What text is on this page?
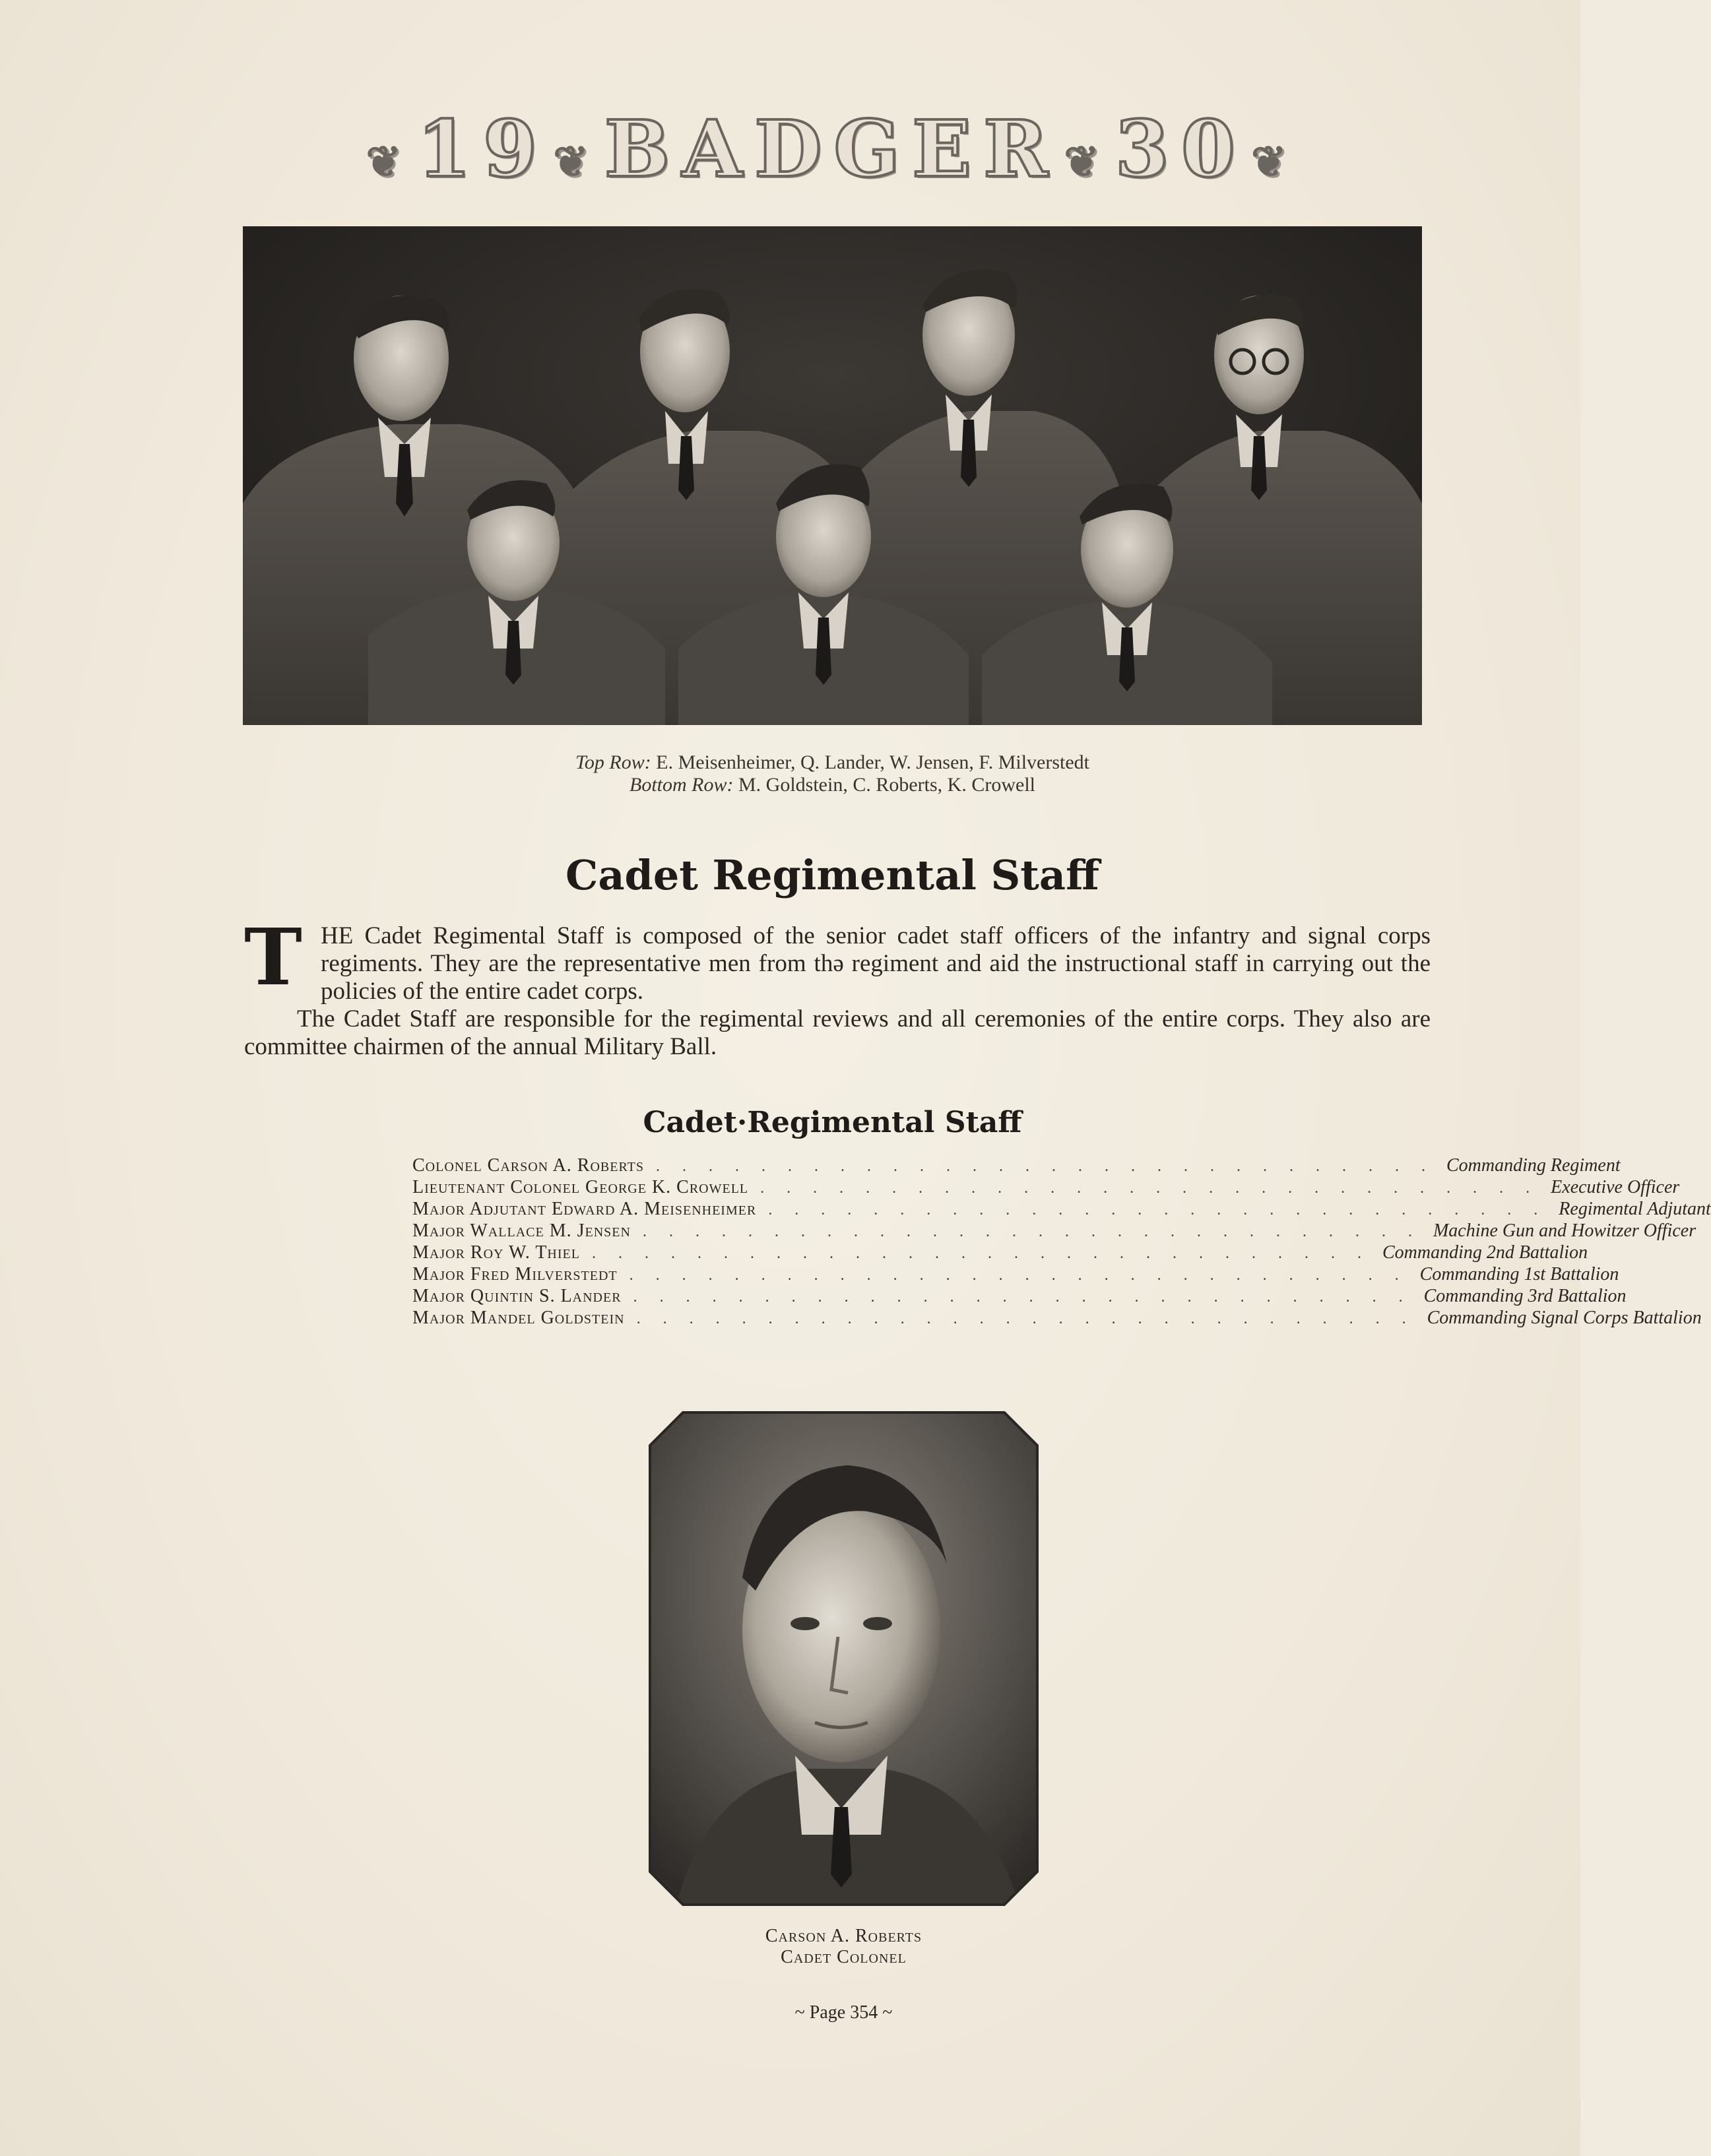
❦19❦BADGER❦30❦
Top Row: E. Meisenheimer, Q. Lander, W. Jensen, F. Milverstedt
Bottom Row: M. Goldstein, C. Roberts, K. Crowell
Cadet Regimental Staff
T HE Cadet Regimental Staff is composed of the senior cadet staff officers of the infantry and signal corps regiments. They are the representative men from thə regiment and aid the instructional staff in carrying out the policies of the entire cadet corps.
The Cadet Staff are responsible for the regimental reviews and all ceremonies of the entire corps. They also are committee chairmen of the annual Military Ball.
Cadet·Regimental Staff
Colonel Carson A. Roberts . . . . . . . . . . . . . . . . . . . . . . . . . . . . . . Commanding Regiment
Lieutenant Colonel George K. Crowell . . . . . . . . . . . . . . . . . . . . . . . . . . . . . . Executive Officer
Major Adjutant Edward A. Meisenheimer . . . . . . . . . . . . . . . . . . . . . . . . . . . . . . Regimental Adjutant
Major Wallace M. Jensen . . . . . . . . . . . . . . . . . . . . . . . . . . . . . . Machine Gun and Howitzer Officer
Major Roy W. Thiel . . . . . . . . . . . . . . . . . . . . . . . . . . . . . . Commanding 2nd Battalion
Major Fred Milverstedt . . . . . . . . . . . . . . . . . . . . . . . . . . . . . . Commanding 1st Battalion
Major Quintin S. Lander . . . . . . . . . . . . . . . . . . . . . . . . . . . . . . Commanding 3rd Battalion
Major Mandel Goldstein . . . . . . . . . . . . . . . . . . . . . . . . . . . . . . Commanding Signal Corps Battalion
Carson A. Roberts
Cadet Colonel
~ Page 354 ~
